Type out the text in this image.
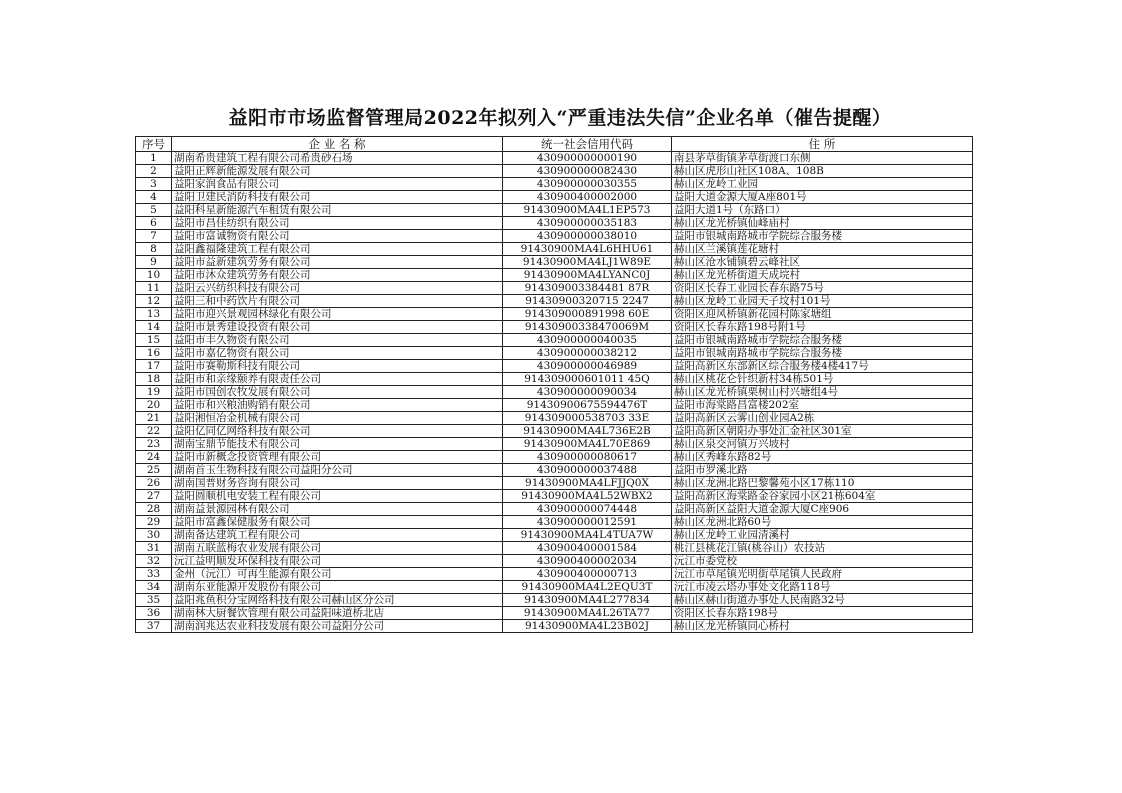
益阳市市场监督管理局2022年拟列入“严重违法失信”企业名单（催告提醒）
序号	企 业 名 称	统一社会信用代码	住 所
1	湖南希贵建筑工程有限公司希贵砂石场	430900000000190	南县茅草街镇茅草街渡口东侧
2	益阳正辉新能源发展有限公司	430900000082430	赫山区虎形山社区108A、108B
3	益阳家润食品有限公司	430900000030355	赫山区龙岭工业园
4	益阳卫建民消防科技有限公司	430900400002000	益阳大道金源大厦A座801号
5	益阳科星新能源汽车租赁有限公司	91430900MA4L1EP573	益阳大道1号（东路口）
6	益阳市昌佳纺织有限公司	430900000035183	赫山区龙光桥镇仙峰庙村
7	益阳市富诚物资有限公司	430900000038010	益阳市银城南路城市学院综合服务楼
8	益阳鑫福隆建筑工程有限公司	91430900MA4L6HHU61	赫山区兰溪镇莲花塘村
9	益阳市益新建筑劳务有限公司	91430900MA4LJ1W89E	赫山区沧水铺镇碧云峰社区
10	益阳市沐众建筑劳务有限公司	91430900MA4LYANC0J	赫山区龙光桥街道天成垸村
11	益阳云兴纺织科技有限公司	914309003384481 87R	资阳区长春工业园长春东路75号
12	益阳三和中药饮片有限公司	91430900320715 2247	赫山区龙岭工业园天子坟村101号
13	益阳市迎兴景观园林绿化有限公司	914309000891998 60E	资阳区迎风桥镇新花园村陈家塘组
14	益阳市景秀建设投资有限公司	91430900338470069M	资阳区长春东路198号附1号
15	益阳市丰久物资有限公司	430900000040035	益阳市银城南路城市学院综合服务楼
16	益阳市嘉亿物资有限公司	430900000038212	益阳市银城南路城市学院综合服务楼
17	益阳市赛勒斯科技有限公司	430900000046989	益阳高新区东部新区综合服务楼4楼417号
18	益阳市和亲缘颐养有限责任公司	914309000601011 45Q	赫山区桃花仑针织新村34栋501号
19	益阳市国创农牧发展有限公司	430900000090034	赫山区龙光桥镇栗树山村兴塘组4号
20	益阳市和兴粮油购销有限公司	91430900675594476T	益阳市海棠路昌富楼202室
21	益阳湘恒冶金机械有限公司	914309000538703 33E	益阳高新区云雾山创业园A2栋
22	益阳亿同亿网络科技有限公司	91430900MA4L736E2B	益阳高新区朝阳办事处汇金社区301室
23	湖南宝鼎节能技术有限公司	91430900MA4L70E869	赫山区泉交河镇万兴坡村
24	益阳市新概念投资管理有限公司	430900000080617	赫山区秀峰东路82号
25	湖南首玉生物科技有限公司益阳分公司	430900000037488	益阳市罗溪北路
26	湖南国普财务咨询有限公司	91430900MA4LFJJQ0X	赫山区龙洲北路巴黎馨苑小区17栋110
27	益阳圆顺机电安装工程有限公司	91430900MA4L52WBX2	益阳高新区海棠路金谷家园小区21栋604室
28	湖南益景源园林有限公司	430900000074448	益阳高新区益阳大道金源大厦C座906
29	益阳市富鑫保健服务有限公司	430900000012591	赫山区龙洲北路60号
30	湖南备达建筑工程有限公司	91430900MA4L4TUA7W	赫山区龙岭工业园清溪村
31	湖南五联蓝梅农业发展有限公司	430900400001584	桃江县桃花江镇(桃谷山）农技站
32	沅江益明顺发环保科技有限公司	430900400002034	沅江市委党校
33	金州（沅江）可再生能源有限公司	430900400000713	沅江市草尾镇光明街草尾镇人民政府
34	湖南东亚能源开发股份有限公司	91430900MA4L2EQU3T	沅江市凌云塔办事处文化路118号
35	益阳兆鱼积分宝网络科技有限公司赫山区分公司	91430900MA4L277834	赫山区赫山街道办事处人民南路32号
36	湖南林大厨餐饮管理有限公司益阳味道桥北店	91430900MA4L26TA77	资阳区长春东路198号
37	湖南润兆达农业科技发展有限公司益阳分公司	91430900MA4L23B02J	赫山区龙光桥镇同心桥村
